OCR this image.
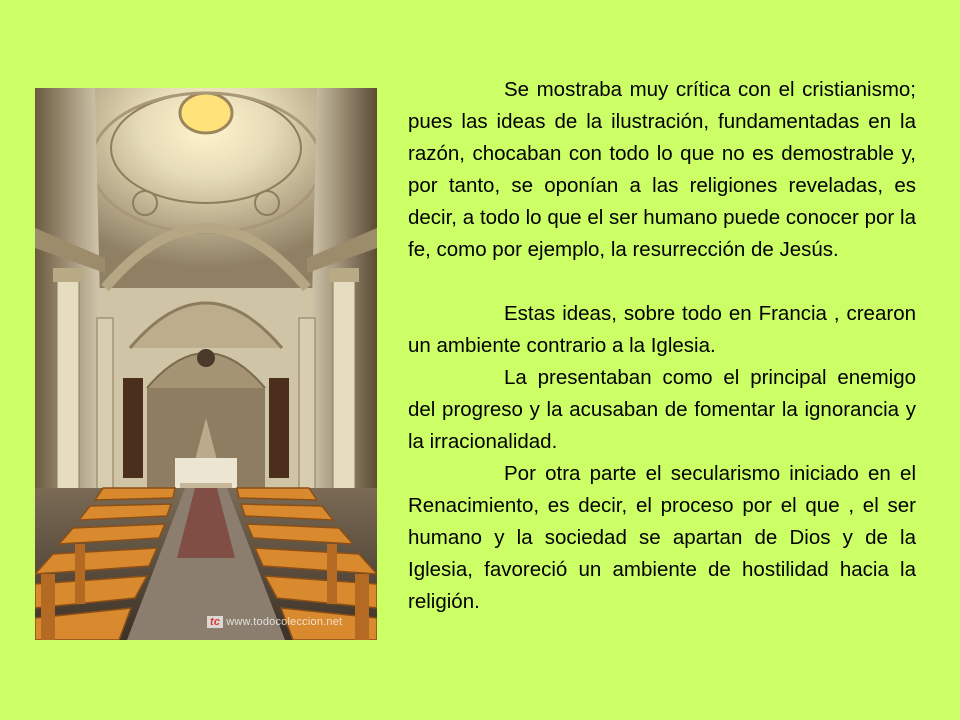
tc www.todocoleccion.net

Se mostraba muy crítica con el cristianismo; pues las ideas de la ilustración, fundamentadas en la razón, chocaban con todo lo que no es demostrable y, por tanto, se oponían a las religiones reveladas, es decir, a todo lo que el ser humano puede conocer por la fe, como por ejemplo, la resurrección de Jesús.

Estas ideas, sobre todo en Francia , crearon un ambiente contrario a la Iglesia.

La presentaban como el principal enemigo del progreso y la acusaban de fomentar la ignorancia y la irracionalidad.

Por otra parte el secularismo iniciado en el Renacimiento, es decir, el proceso por el que , el ser humano y la sociedad se apartan de Dios y de la Iglesia, favoreció un ambiente de hostilidad hacia la religión.
